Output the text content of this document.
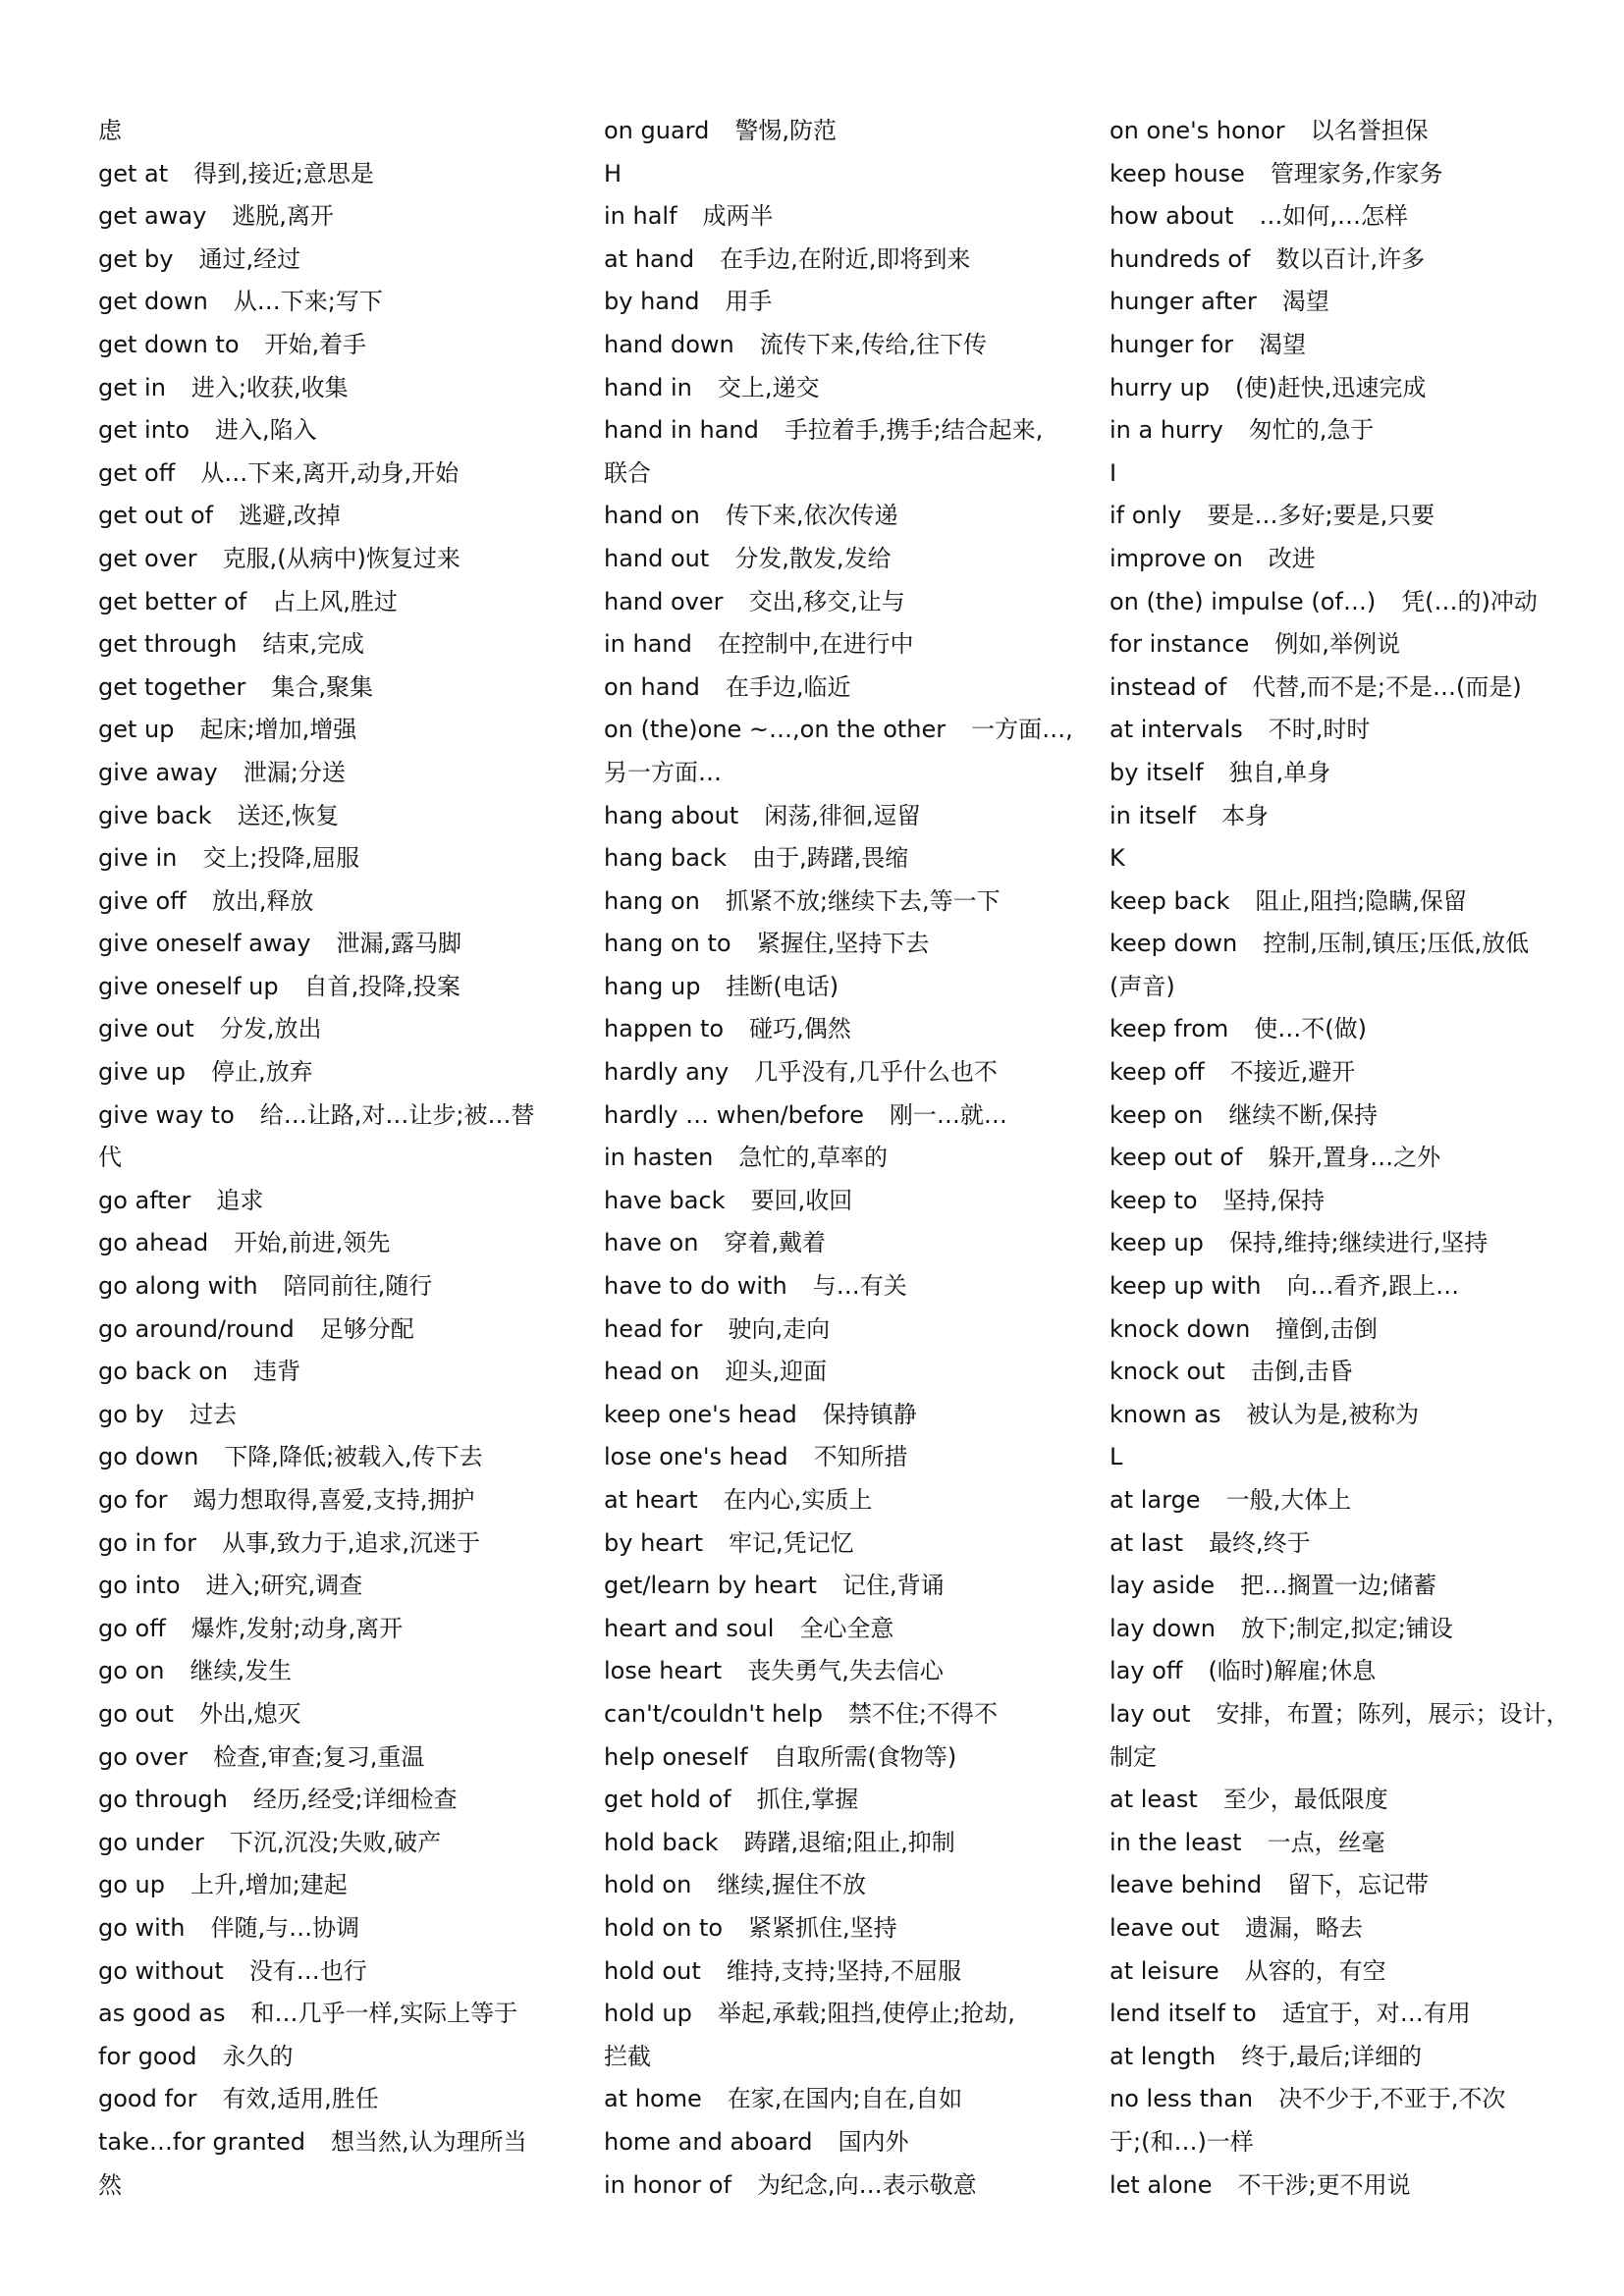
虑
get at 得到,接近;意思是
get away 逃脱,离开
get by 通过,经过
get down 从…下来;写下
get down to 开始,着手
get in 进入;收获,收集
get into 进入,陷入
get off 从…下来,离开,动身,开始
get out of 逃避,改掉
get over 克服,(从病中)恢复过来
get better of 占上风,胜过
get through 结束,完成
get together 集合,聚集
get up 起床;增加,增强
give away 泄漏;分送
give back 送还,恢复
give in 交上;投降,屈服
give off 放出,释放
give oneself away 泄漏,露马脚
give oneself up 自首,投降,投案
give out 分发,放出
give up 停止,放弃
give way to 给…让路,对…让步;被…替
代
go after 追求
go ahead 开始,前进,领先
go along with 陪同前往,随行
go around/round 足够分配
go back on 违背
go by 过去
go down 下降,降低;被载入,传下去
go for 竭力想取得,喜爱,支持,拥护
go in for 从事,致力于,追求,沉迷于
go into 进入;研究,调查
go off 爆炸,发射;动身,离开
go on 继续,发生
go out 外出,熄灭
go over 检查,审查;复习,重温
go through 经历,经受;详细检查
go under 下沉,沉没;失败,破产
go up 上升,增加;建起
go with 伴随,与…协调
go without 没有…也行
as good as 和…几乎一样,实际上等于
for good 永久的
good for 有效,适用,胜任
take…for granted 想当然,认为理所当
然
on guard 警惕,防范
H
in half 成两半
at hand 在手边,在附近,即将到来
by hand 用手
hand down 流传下来,传给,往下传
hand in 交上,递交
hand in hand 手拉着手,携手;结合起来,
联合
hand on 传下来,依次传递
hand out 分发,散发,发给
hand over 交出,移交,让与
in hand 在控制中,在进行中
on hand 在手边,临近
on (the)one ~…,on the other 一方面…,
另一方面…
hang about 闲荡,徘徊,逗留
hang back 由于,踌躇,畏缩
hang on 抓紧不放;继续下去,等一下
hang on to 紧握住,坚持下去
hang up 挂断(电话)
happen to 碰巧,偶然
hardly any 几乎没有,几乎什么也不
hardly … when/before 刚一…就…
in hasten 急忙的,草率的
have back 要回,收回
have on 穿着,戴着
have to do with 与…有关
head for 驶向,走向
head on 迎头,迎面
keep one's head 保持镇静
lose one's head 不知所措
at heart 在内心,实质上
by heart 牢记,凭记忆
get/learn by heart 记住,背诵
heart and soul 全心全意
lose heart 丧失勇气,失去信心
can't/couldn't help 禁不住;不得不
help oneself 自取所需(食物等)
get hold of 抓住,掌握
hold back 踌躇,退缩;阻止,抑制
hold on 继续,握住不放
hold on to 紧紧抓住,坚持
hold out 维持,支持;坚持,不屈服
hold up 举起,承载;阻挡,使停止;抢劫,
拦截
at home 在家,在国内;自在,自如
home and aboard 国内外
in honor of 为纪念,向…表示敬意
on one's honor 以名誉担保
keep house 管理家务,作家务
how about …如何,…怎样
hundreds of 数以百计,许多
hunger after 渴望
hunger for 渴望
hurry up (使)赶快,迅速完成
in a hurry 匆忙的,急于
I
if only 要是…多好;要是,只要
improve on 改进
on (the) impulse (of…) 凭(…的)冲动
for instance 例如,举例说
instead of 代替,而不是;不是…(而是)
at intervals 不时,时时
by itself 独自,单身
in itself 本身
K
keep back 阻止,阻挡;隐瞒,保留
keep down 控制,压制,镇压;压低,放低
(声音)
keep from 使…不(做)
keep off 不接近,避开
keep on 继续不断,保持
keep out of 躲开,置身…之外
keep to 坚持,保持
keep up 保持,维持;继续进行,坚持
keep up with 向…看齐,跟上…
knock down 撞倒,击倒
knock out 击倒,击昏
known as 被认为是,被称为
L
at large 一般,大体上
at last 最终,终于
lay aside 把…搁置一边;储蓄
lay down 放下;制定,拟定;铺设
lay off (临时)解雇;休息
lay out 安排，布置；陈列，展示；设计，
制定
at least 至少，最低限度
in the least 一点，丝毫
leave behind 留下，忘记带
leave out 遗漏，略去
at leisure 从容的，有空
lend itself to 适宜于，对…有用
at length 终于,最后;详细的
no less than 决不少于,不亚于,不次
于;(和…)一样
let alone 不干涉;更不用说
